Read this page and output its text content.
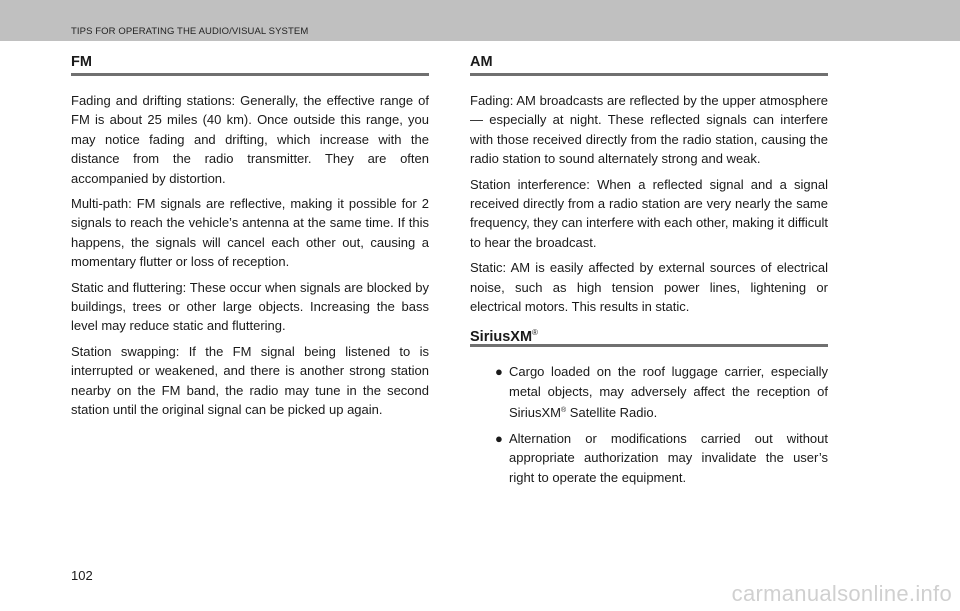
TIPS FOR OPERATING THE AUDIO/VISUAL SYSTEM
FM

Fading and drifting stations: Generally, the effective range of FM is about 25 miles (40 km). Once outside this range, you may notice fading and drifting, which increase with the distance from the radio transmitter. They are often accompanied by distortion.

Multi-path: FM signals are reflective, making it possible for 2 signals to reach the vehicle’s antenna at the same time. If this happens, the signals will cancel each other out, causing a momentary flutter or loss of reception.

Static and fluttering: These occur when signals are blocked by buildings, trees or other large objects. Increasing the bass level may reduce static and fluttering.

Station swapping: If the FM signal being listened to is interrupted or weakened, and there is another strong station nearby on the FM band, the radio may tune in the second station until the original signal can be picked up again.

AM

Fading: AM broadcasts are reflected by the upper atmosphere — especially at night. These reflected signals can interfere with those received directly from the radio station, causing the radio station to sound alternately strong and weak.

Station interference: When a reflected signal and a signal received directly from a radio station are very nearly the same frequency, they can interfere with each other, making it difficult to hear the broadcast.

Static: AM is easily affected by external sources of electrical noise, such as high tension power lines, lightening or electrical motors. This results in static.

SiriusXM®
● Cargo loaded on the roof luggage carrier, especially metal objects, may adversely affect the reception of SiriusXM® Satellite Radio.
● Alternation or modifications carried out without appropriate authorization may invalidate the user’s right to operate the equipment.
102
carmanualsonline.info
